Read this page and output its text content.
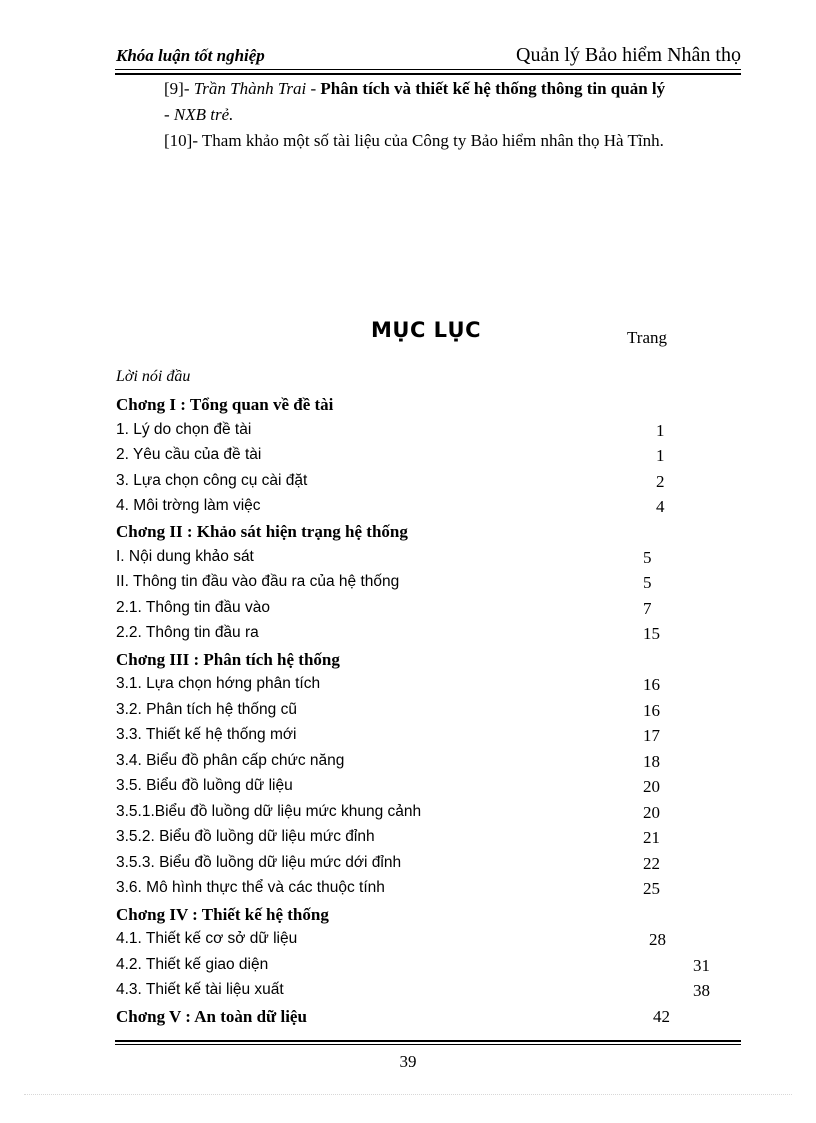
Khóa luận tốt nghiệp	Quản lý Bảo hiểm Nhân thọ
[9]- Trần Thành Trai - Phân tích và thiết kế hệ thống thông tin quản lý
- NXB trẻ.
[10]- Tham khảo một số tài liệu của Công ty Bảo hiểm nhân thọ Hà Tĩnh.
MỤC LỤC	Trang
Lời nói đầu
Chơng I : Tổng quan về đề tài
1. Lý do chọn đề tài	1
2. Yêu cầu của đề tài	1
3. Lựa chọn công cụ cài đặt	2
4. Môi trờng làm việc	4
Chơng II : Khảo sát hiện trạng hệ thống
I. Nội dung khảo sát	5
II. Thông tin đầu vào đầu ra của hệ thống	5
2.1. Thông tin đầu vào	7
2.2. Thông tin đầu ra	15
Chơng III : Phân tích hệ thống
3.1. Lựa chọn hớng phân tích	16
3.2. Phân tích hệ thống cũ	16
3.3. Thiết kế hệ thống mới	17
3.4. Biểu đồ phân cấp chức năng	18
3.5. Biểu đồ luồng dữ liệu	20
3.5.1.Biểu đồ luồng dữ liệu mức khung cảnh	20
3.5.2. Biểu đồ luồng dữ liệu mức đỉnh	21
3.5.3. Biểu đồ luồng dữ liệu mức dới đỉnh	22
3.6. Mô hình thực thể và các thuộc tính	25
Chơng IV : Thiết kế hệ thống
4.1. Thiết kế cơ sở dữ liệu	28
4.2. Thiết kế giao diện	31
4.3. Thiết kế tài liệu xuất	38
Chơng V : An toàn dữ liệu	42
39
